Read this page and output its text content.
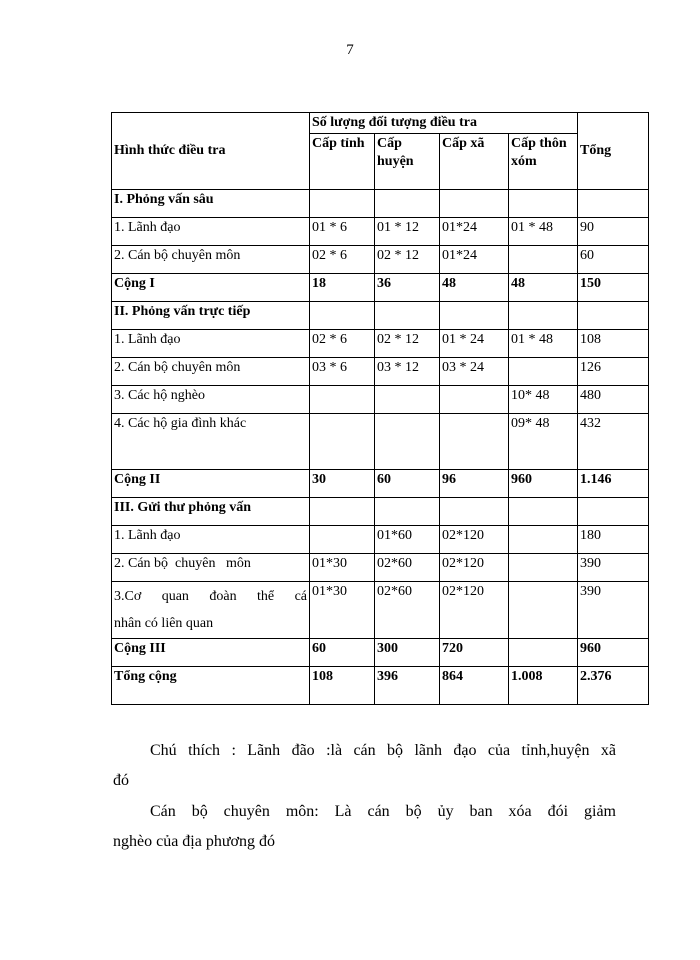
7
Hình thức điều tra	Số lượng đối tượng điều tra				Tổng
	Cấp tỉnh	Cấp huyện	Cấp xã	Cấp thôn xóm	
I. Phỏng vấn sâu					
1. Lãnh đạo	01 * 6	01 * 12	01*24	01 * 48	90
2. Cán bộ chuyên môn	02 * 6	02 * 12	01*24		60
Cộng I	18	36	48	48	150
II. Phỏng vấn trực tiếp					
1. Lãnh đạo	02 * 6	02 * 12	01 * 24	01 * 48	108
2. Cán bộ chuyên môn	03 * 6	03 * 12	03 * 24		126
3. Các hộ nghèo				10* 48	480
4. Các hộ gia đình khác				09* 48	432
Cộng II	30	60	96	960	1.146
III. Gửi thư phỏng vấn					
1. Lãnh đạo		01*60	02*120		180
2. Cán bộ  chuyên   môn	01*30	02*60	02*120		390

3.Cơ quan đoàn thể cá
nhân có liên quan	01*30	02*60	02*120		390
Cộng III	60	300	720		960
Tổng cộng	108	396	864	1.008	2.376
Chú thích : Lãnh đão :là cán bộ lãnh đạo của tỉnh,huyện xã
đó
Cán bộ chuyên môn: Là cán bộ ủy ban xóa đói giảm
nghèo của địa phương đó
